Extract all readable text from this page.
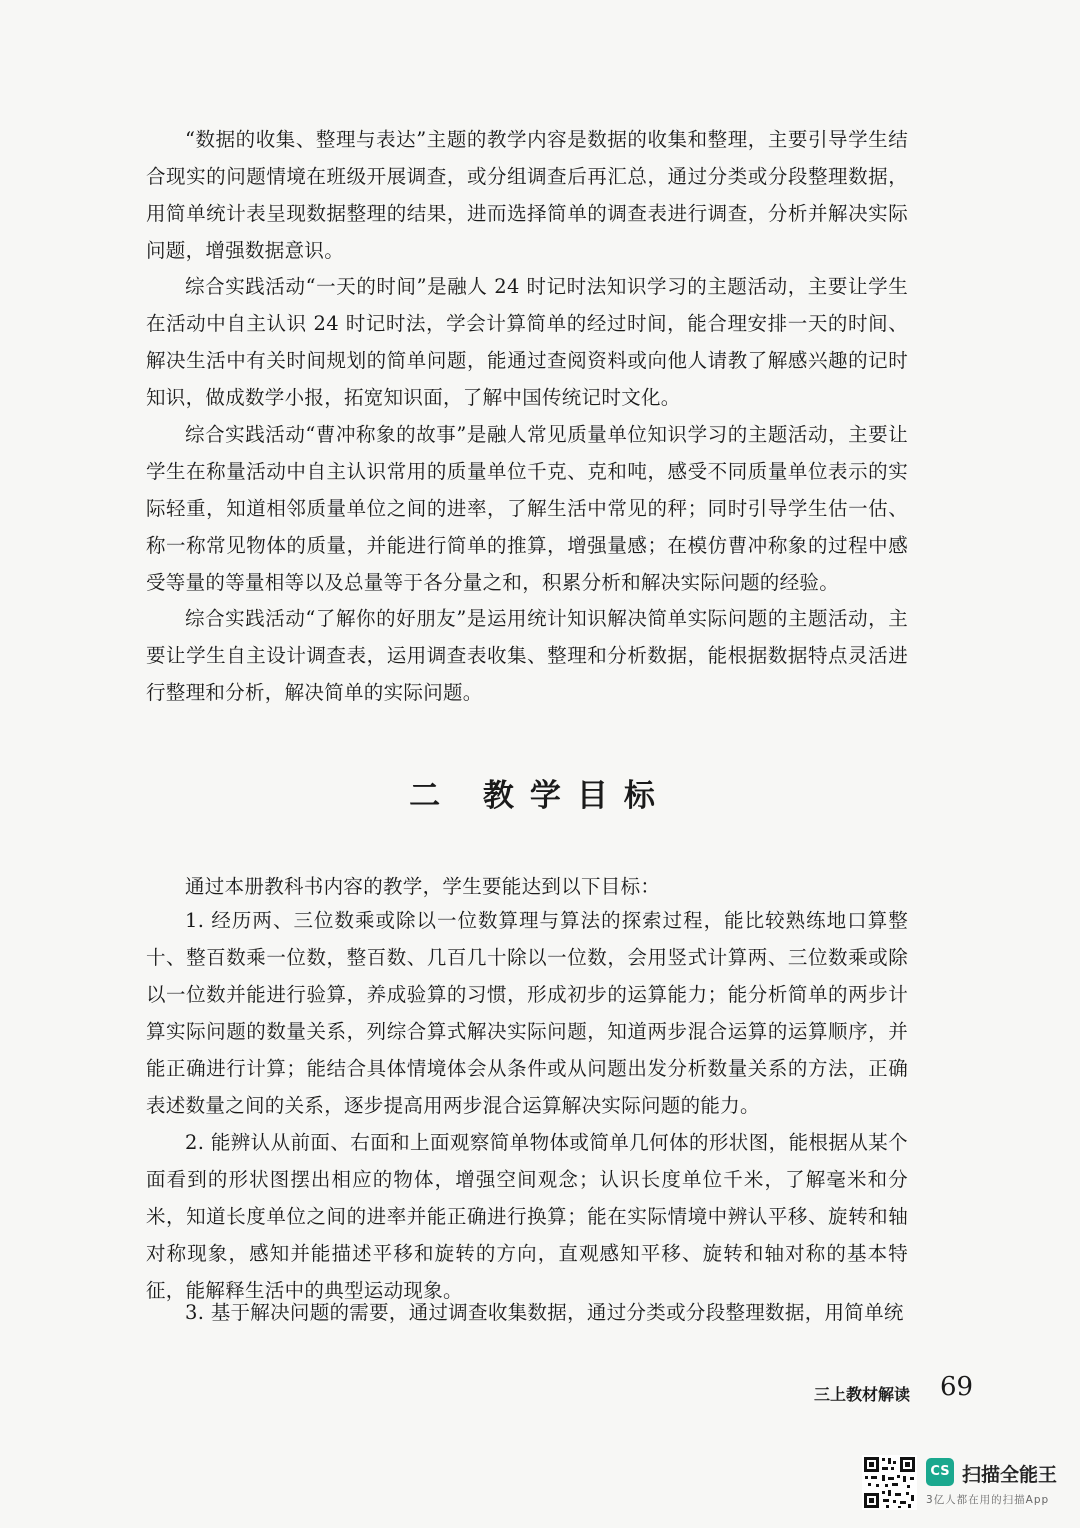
“数据的收集、整理与表达”主题的教学内容是数据的收集和整理，主要引导学生结合现实的问题情境在班级开展调查，或分组调查后再汇总，通过分类或分段整理数据，用简单统计表呈现数据整理的结果，进而选择简单的调查表进行调查，分析并解决实际问题，增强数据意识。
综合实践活动“一天的时间”是融人 24 时记时法知识学习的主题活动，主要让学生在活动中自主认识 24 时记时法，学会计算简单的经过时间，能合理安排一天的时间、解决生活中有关时间规划的简单问题，能通过查阅资料或向他人请教了解感兴趣的记时知识，做成数学小报，拓宽知识面，了解中国传统记时文化。
综合实践活动“曹冲称象的故事”是融人常见质量单位知识学习的主题活动，主要让学生在称量活动中自主认识常用的质量单位千克、克和吨，感受不同质量单位表示的实际轻重，知道相邻质量单位之间的进率，了解生活中常见的秤；同时引导学生估一估、称一称常见物体的质量，并能进行简单的推算，增强量感；在模仿曹冲称象的过程中感受等量的等量相等以及总量等于各分量之和，积累分析和解决实际问题的经验。
综合实践活动“了解你的好朋友”是运用统计知识解决简单实际问题的主题活动，主要让学生自主设计调查表，运用调查表收集、整理和分析数据，能根据数据特点灵活进行整理和分析，解决简单的实际问题。
二 教学目标
通过本册教科书内容的教学，学生要能达到以下目标：
1. 经历两、三位数乘或除以一位数算理与算法的探索过程，能比较熟练地口算整十、整百数乘一位数，整百数、几百几十除以一位数，会用竖式计算两、三位数乘或除以一位数并能进行验算，养成验算的习惯，形成初步的运算能力；能分析简单的两步计算实际问题的数量关系，列综合算式解决实际问题，知道两步混合运算的运算顺序，并能正确进行计算；能结合具体情境体会从条件或从问题出发分析数量关系的方法，正确表述数量之间的关系，逐步提高用两步混合运算解决实际问题的能力。
2. 能辨认从前面、右面和上面观察简单物体或简单几何体的形状图，能根据从某个面看到的形状图摆出相应的物体，增强空间观念；认识长度单位千米，了解毫米和分米，知道长度单位之间的进率并能正确进行换算；能在实际情境中辨认平移、旋转和轴对称现象，感知并能描述平移和旋转的方向，直观感知平移、旋转和轴对称的基本特征，能解释生活中的典型运动现象。
3. 基于解决问题的需要，通过调查收集数据，通过分类或分段整理数据，用简单统
三上教材解读 69
CS 扫描全能王
3亿人都在用的扫描App
